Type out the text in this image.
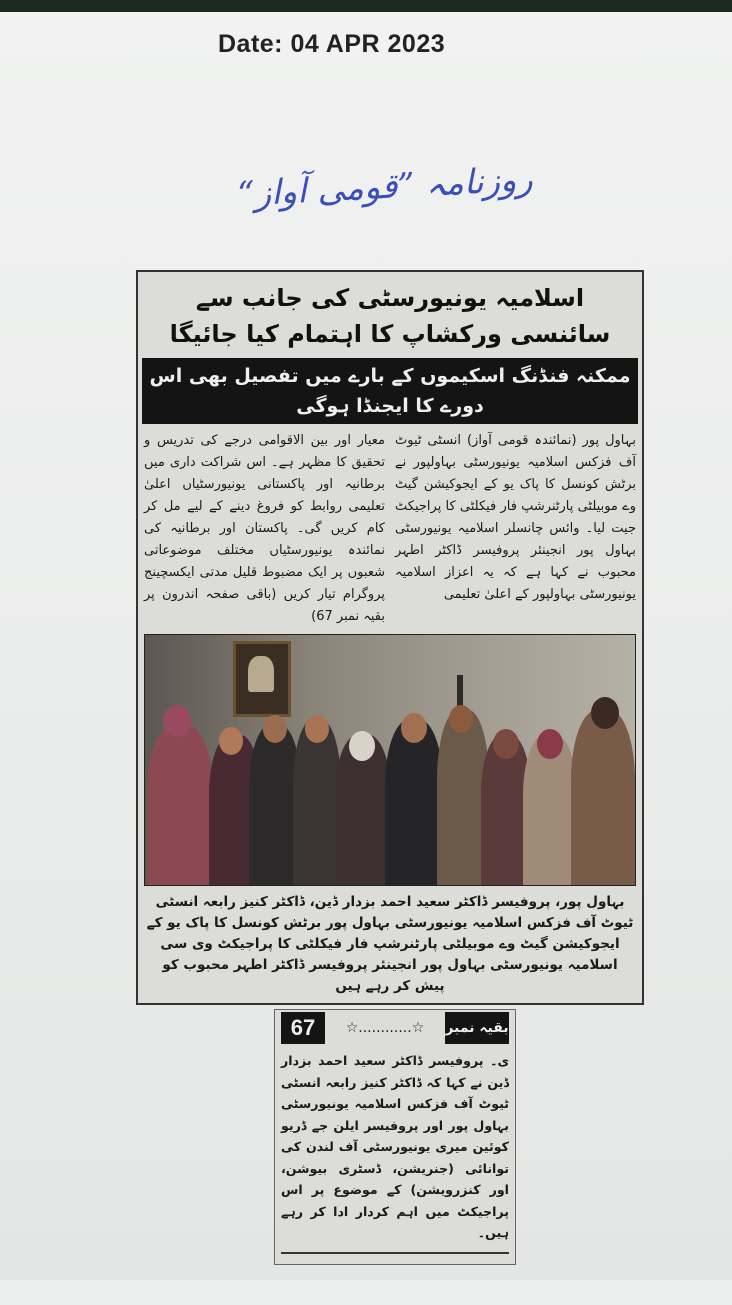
Date: 04 APR 2023
روزنامہ ”قومی آواز“
اسلامیہ یونیورسٹی کی جانب سے سائنسی ورکشاپ کا اہتمام کیا جائیگا
ممکنہ فنڈنگ اسکیموں کے بارے میں تفصیل بھی اس دورے کا ایجنڈا ہوگی
بہاول پور (نمائندہ قومی آواز) انسٹی ٹیوٹ آف فزکس اسلامیہ یونیورسٹی بہاولپور نے برٹش کونسل کا پاک یو کے ایجوکیشن گیٹ وے موبیلٹی پارٹنرشپ فار فیکلٹی کا پراجیکٹ جیت لیا۔ وائس چانسلر اسلامیہ یونیورسٹی بہاول پور انجینئر پروفیسر ڈاکٹر اطہر محبوب نے کہا ہے کہ یہ اعزاز اسلامیہ یونیورسٹی بہاولپور کے اعلیٰ تعلیمی
معیار اور بین الاقوامی درجے کی تدریس و تحقیق کا مظہر ہے۔ اس شراکت داری میں برطانیہ اور پاکستانی یونیورسٹیاں اعلیٰ تعلیمی روابط کو فروغ دینے کے لیے مل کر کام کریں گی۔ پاکستان اور برطانیہ کی نمائندہ یونیورسٹیاں مختلف موضوعاتی شعبوں پر ایک مضبوط قلیل مدتی ایکسچینج پروگرام تیار کریں (باقی صفحہ اندرون پر بقیہ نمبر 67)
بہاول پور، پروفیسر ڈاکٹر سعید احمد بزدار ڈین، ڈاکٹر کنیز رابعہ انسٹی ٹیوٹ آف فزکس اسلامیہ یونیورسٹی بہاول پور برٹش کونسل کا پاک یو کے ایجوکیشن گیٹ وے موبیلٹی پارٹنرشپ فار فیکلٹی کا پراجیکٹ وی سی اسلامیہ یونیورسٹی بہاول پور انجینئر پروفیسر ڈاکٹر اطہر محبوب کو پیش کر رہے ہیں
67	☆............☆	بقیہ نمبر
ی۔ پروفیسر ڈاکٹر سعید احمد بزدار ڈین نے کہا کہ ڈاکٹر کنیز رابعہ انسٹی ٹیوٹ آف فزکس اسلامیہ یونیورسٹی بہاول پور اور پروفیسر ایلن جے ڈریو کوئین میری یونیورسٹی آف لندن کی توانائی (جنریشن، ڈسٹری بیوشن، اور کنزرویشن) کے موضوع پر اس پراجیکٹ میں اہم کردار ادا کر رہے ہیں۔
